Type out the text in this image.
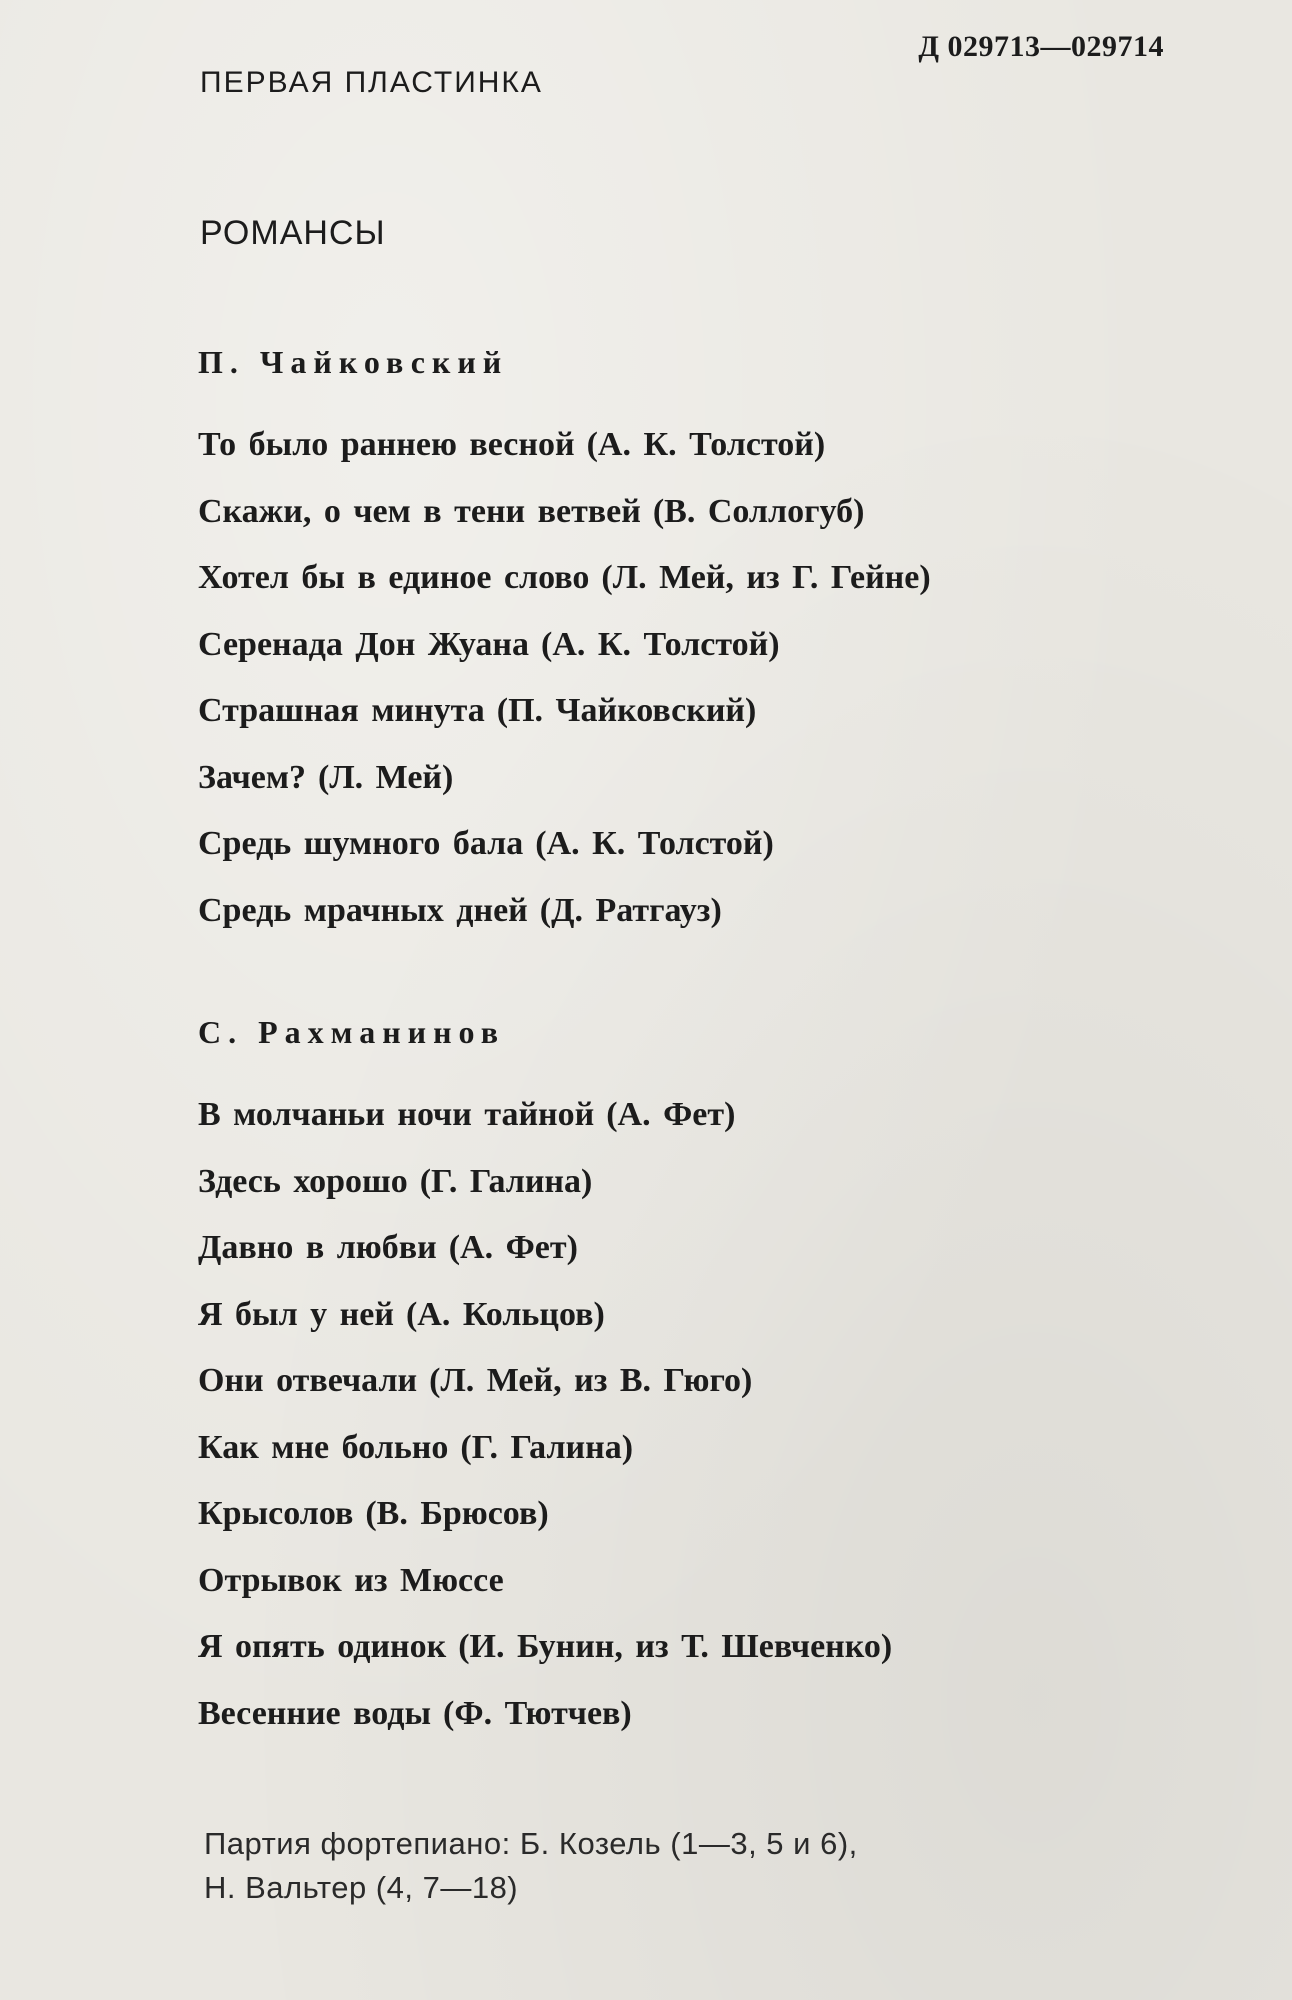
Д 029713—029714
ПЕРВАЯ ПЛАСТИНКА
РОМАНСЫ
П. Чайковский
То было раннею весной (А. К. Толстой)
Скажи, о чем в тени ветвей (В. Соллогуб)
Хотел бы в единое слово (Л. Мей, из Г. Гейне)
Серенада Дон Жуана (А. К. Толстой)
Страшная минута (П. Чайковский)
Зачем? (Л. Мей)
Средь шумного бала (А. К. Толстой)
Средь мрачных дней (Д. Ратгауз)
С. Рахманинов
В молчаньи ночи тайной (А. Фет)
Здесь хорошо (Г. Галина)
Давно в любви (А. Фет)
Я был у ней (А. Кольцов)
Они отвечали (Л. Мей, из В. Гюго)
Как мне больно (Г. Галина)
Крысолов (В. Брюсов)
Отрывок из Мюссе
Я опять одинок (И. Бунин, из Т. Шевченко)
Весенние воды (Ф. Тютчев)
Партия фортепиано: Б. Козель (1—3, 5 и 6),
Н. Вальтер (4, 7—18)
